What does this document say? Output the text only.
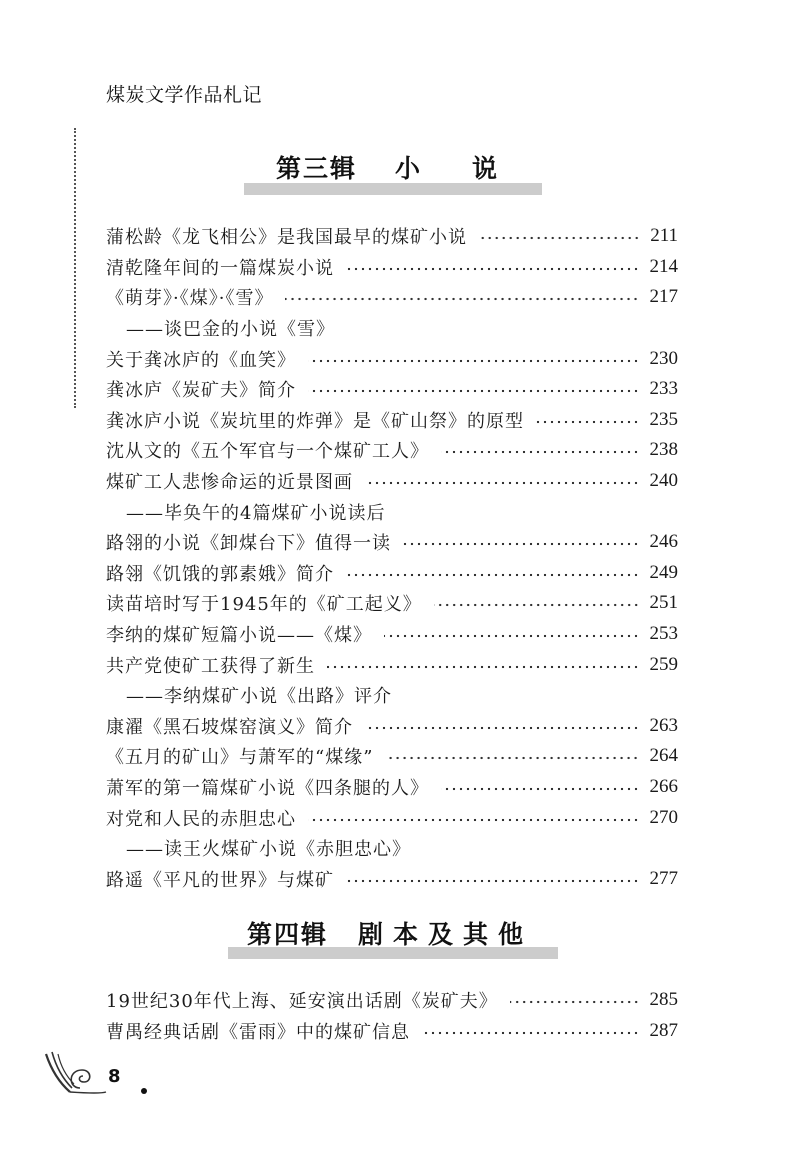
煤炭文学作品札记
第三辑 小说
蒲松龄《龙飞相公》是我国最早的煤矿小说	211
清乾隆年间的一篇煤炭小说	214
《萌芽》·《煤》·《雪》	217
——谈巴金的小说《雪》
关于龚冰庐的《血笑》	230
龚冰庐《炭矿夫》简介	233
龚冰庐小说《炭坑里的炸弹》是《矿山祭》的原型	235
沈从文的《五个军官与一个煤矿工人》	238
煤矿工人悲惨命运的近景图画	240
——毕奂午的4篇煤矿小说读后
路翎的小说《卸煤台下》值得一读	246
路翎《饥饿的郭素娥》简介	249
读苗培时写于1945年的《矿工起义》	251
李纳的煤矿短篇小说——《煤》	253
共产党使矿工获得了新生	259
——李纳煤矿小说《出路》评介
康濯《黑石坡煤窑演义》简介	263
《五月的矿山》与萧军的“煤缘”	264
萧军的第一篇煤矿小说《四条腿的人》	266
对党和人民的赤胆忠心	270
——读王火煤矿小说《赤胆忠心》
路遥《平凡的世界》与煤矿	277
第四辑 剧本及其他
19世纪30年代上海、延安演出话剧《炭矿夫》	285
曹禺经典话剧《雷雨》中的煤矿信息	287
8
